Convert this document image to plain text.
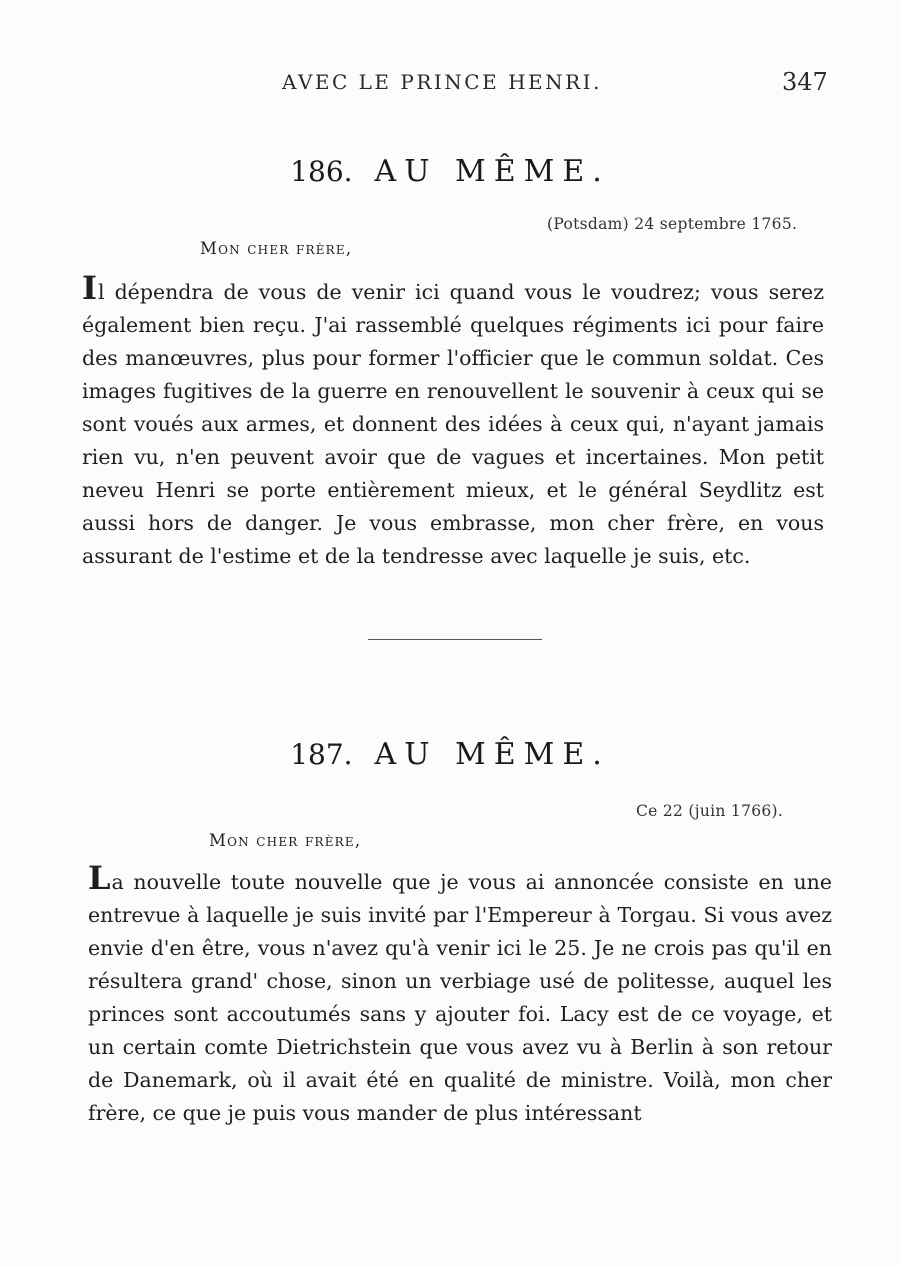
AVEC LE PRINCE HENRI.	347
186. AU MÊME.
(Potsdam) 24 septembre 1765.
Mon cher frère,
Il dépendra de vous de venir ici quand vous le voudrez; vous serez également bien reçu. J'ai rassemblé quelques régiments ici pour faire des manœuvres, plus pour former l'officier que le commun soldat. Ces images fugitives de la guerre en renouvellent le souvenir à ceux qui se sont voués aux armes, et donnent des idées à ceux qui, n'ayant jamais rien vu, n'en peuvent avoir que de vagues et incertaines. Mon petit neveu Henri se porte entièrement mieux, et le général Seydlitz est aussi hors de danger. Je vous embrasse, mon cher frère, en vous assurant de l'estime et de la tendresse avec laquelle je suis, etc.
187. AU MÊME.
Ce 22 (juin 1766).
Mon cher frère,
La nouvelle toute nouvelle que je vous ai annoncée consiste en une entrevue à laquelle je suis invité par l'Empereur à Torgau. Si vous avez envie d'en être, vous n'avez qu'à venir ici le 25. Je ne crois pas qu'il en résultera grand' chose, sinon un verbiage usé de politesse, auquel les princes sont accoutumés sans y ajouter foi. Lacy est de ce voyage, et un certain comte Dietrichstein que vous avez vu à Berlin à son retour de Danemark, où il avait été en qualité de ministre. Voilà, mon cher frère, ce que je puis vous mander de plus intéressant
